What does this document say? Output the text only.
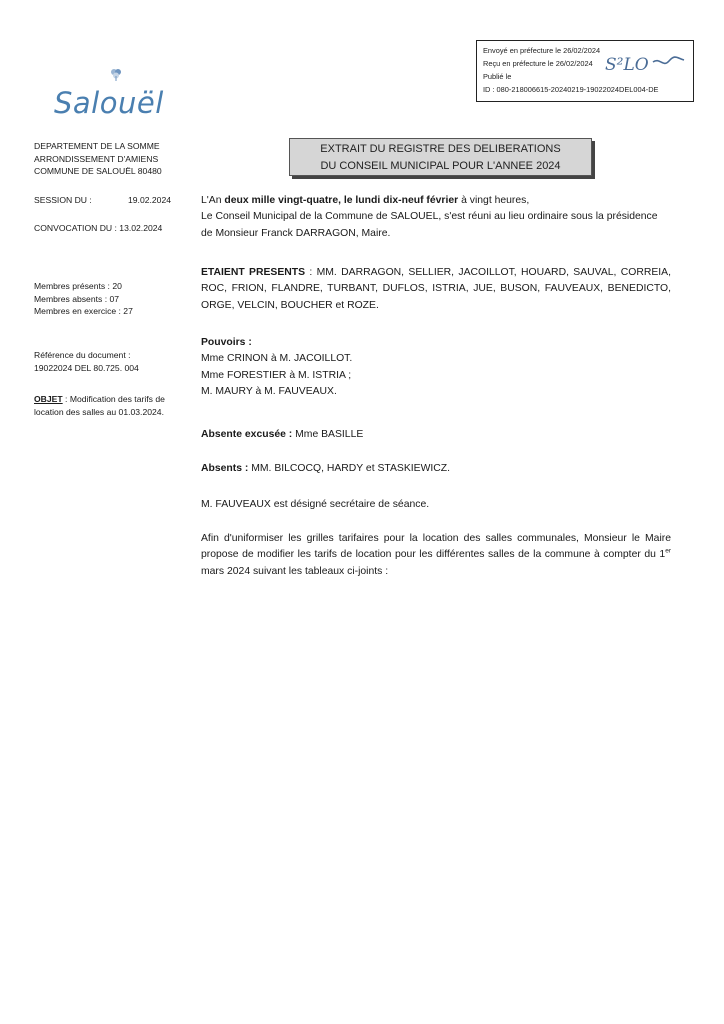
Envoyé en préfecture le 26/02/2024
Reçu en préfecture le 26/02/2024
Publié le
ID : 080-218006615-20240219-19022024DEL004-DE
S²LO
Salouël
DEPARTEMENT DE LA SOMME
ARRONDISSEMENT D'AMIENS
COMMUNE DE SALOUËL 80480
SESSION DU :	19.02.2024
CONVOCATION DU : 13.02.2024
Membres présents : 20
Membres absents : 07
Membres en exercice : 27
Référence du document :
19022024 DEL 80.725. 004
OBJET : Modification des tarifs de location des salles au 01.03.2024.
EXTRAIT DU REGISTRE DES DELIBERATIONS
DU CONSEIL MUNICIPAL POUR L'ANNEE 2024
L'An deux mille vingt-quatre, le lundi dix-neuf février à vingt heures,
Le Conseil Municipal de la Commune de SALOUEL, s'est réuni au lieu ordinaire sous la présidence de Monsieur Franck DARRAGON, Maire.
ETAIENT PRESENTS : MM. DARRAGON, SELLIER, JACOILLOT, HOUARD, SAUVAL, CORREIA, ROC, FRION, FLANDRE, TURBANT, DUFLOS, ISTRIA, JUE, BUSON, FAUVEAUX, BENEDICTO, ORGE, VELCIN, BOUCHER et ROZE.
Pouvoirs :
Mme CRINON à M. JACOILLOT.
Mme FORESTIER à M. ISTRIA ;
M. MAURY à M. FAUVEAUX.
Absente excusée : Mme BASILLE
Absents : MM. BILCOCQ, HARDY et STASKIEWICZ.
M. FAUVEAUX est désigné secrétaire de séance.
Afin d'uniformiser les grilles tarifaires pour la location des salles communales, Monsieur le Maire propose de modifier les tarifs de location pour les différentes salles de la commune à compter du 1er mars 2024 suivant les tableaux ci-joints :
